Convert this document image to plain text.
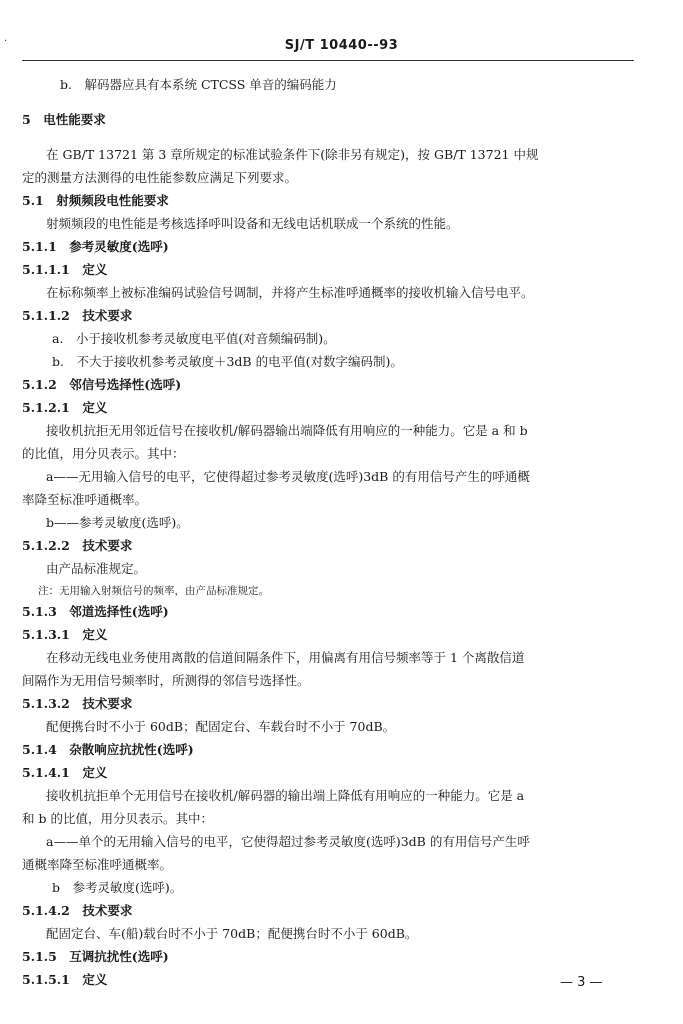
·	SJ/T 10440--93
b.　解码器应具有本系统 CTCSS 单音的编码能力
5　电性能要求
在 GB/T 13721 第 3 章所规定的标准试验条件下(除非另有规定)，按 GB/T 13721 中规
定的测量方法测得的电性能参数应满足下列要求。
5.1　射频频段电性能要求
射频频段的电性能是考核选择呼叫设备和无线电话机联成一个系统的性能。
5.1.1　参考灵敏度(选呼)
5.1.1.1　定义
在标称频率上被标准编码试验信号调制，并将产生标准呼通概率的接收机输入信号电平。
5.1.1.2　技术要求
a.　小于接收机参考灵敏度电平值(对音频编码制)。
b.　不大于接收机参考灵敏度＋3dB 的电平值(对数字编码制)。
5.1.2　邻信号选择性(选呼)
5.1.2.1　定义
接收机抗拒无用邻近信号在接收机/解码器输出端降低有用响应的一种能力。它是 a 和 b
的比值，用分贝表示。其中：
a——无用输入信号的电平，它使得超过参考灵敏度(选呼)3dB 的有用信号产生的呼通概
率降至标准呼通概率。
b——参考灵敏度(选呼)。
5.1.2.2　技术要求
由产品标准规定。
注：无用输入射频信号的频率，由产品标准规定。
5.1.3　邻道选择性(选呼)
5.1.3.1　定义
在移动无线电业务使用离散的信道间隔条件下，用偏离有用信号频率等于 1 个离散信道
间隔作为无用信号频率时，所测得的邻信号选择性。
5.1.3.2　技术要求
配便携台时不小于 60dB；配固定台、车载台时不小于 70dB。
5.1.4　杂散响应抗扰性(选呼)
5.1.4.1　定义
接收机抗拒单个无用信号在接收机/解码器的输出端上降低有用响应的一种能力。它是 a
和 b 的比值，用分贝表示。其中：
a——单个的无用输入信号的电平，它使得超过参考灵敏度(选呼)3dB 的有用信号产生呼
通概率降至标准呼通概率。
b　参考灵敏度(选呼)。
5.1.4.2　技术要求
配固定台、车(船)载台时不小于 70dB；配便携台时不小于 60dB。
5.1.5　互调抗扰性(选呼)
5.1.5.1　定义	— 3 —
